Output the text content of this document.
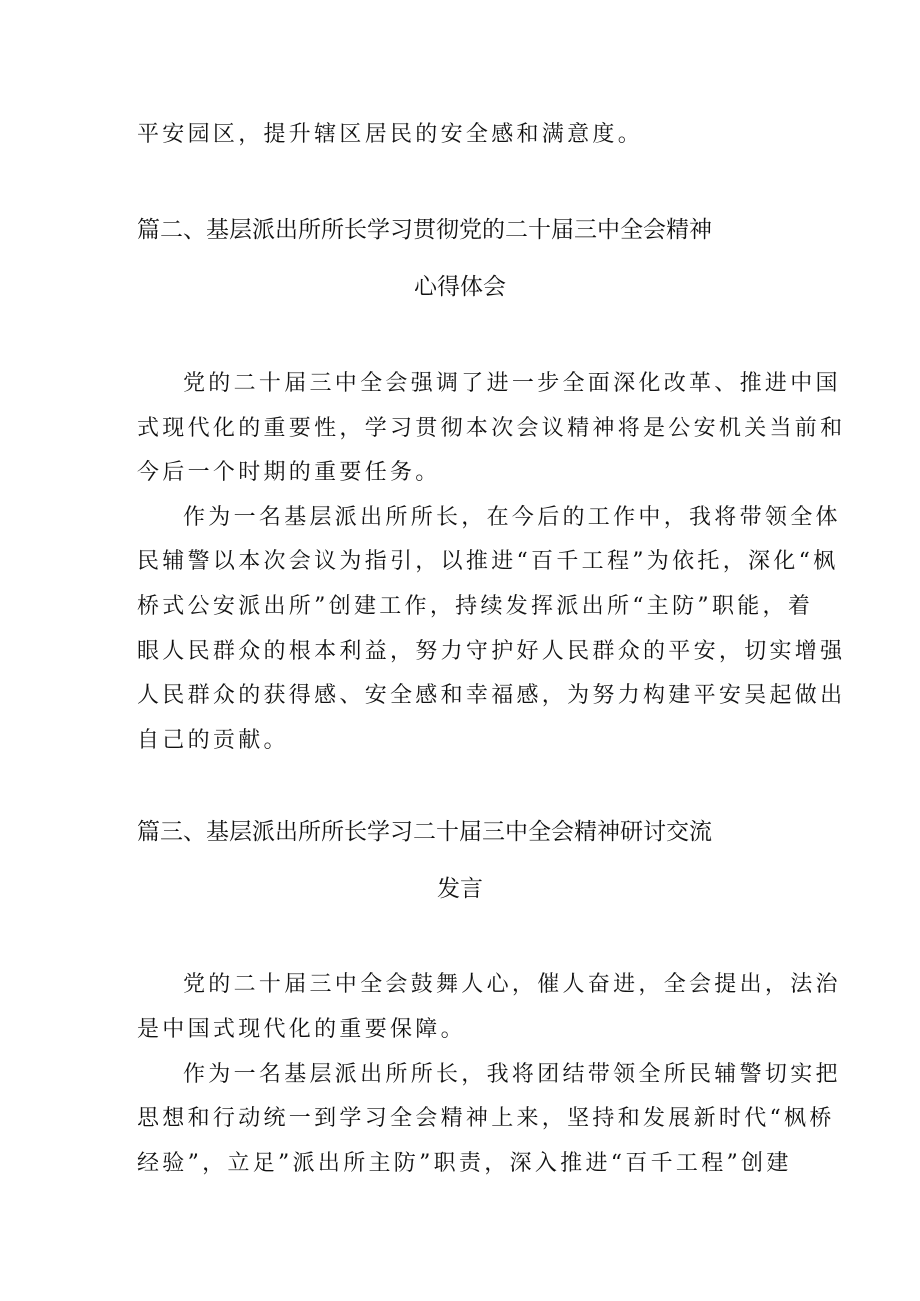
平安园区，提升辖区居民的安全感和满意度。

篇二、基层派出所所长学习贯彻党的二十届三中全会精神

心得体会

党的二十届三中全会强调了进一步全面深化改革、推进中国

式现代化的重要性，学习贯彻本次会议精神将是公安机关当前和

今后一个时期的重要任务。

作为一名基层派出所所长，在今后的工作中，我将带领全体

民辅警以本次会议为指引，以推进“百千工程”为依托，深化“枫

桥式公安派出所”创建工作，持续发挥派出所“主防”职能，着

眼人民群众的根本利益，努力守护好人民群众的平安，切实增强

人民群众的获得感、安全感和幸福感，为努力构建平安吴起做出

自己的贡献。

篇三、基层派出所所长学习二十届三中全会精神研讨交流

发言

党的二十届三中全会鼓舞人心，催人奋进，全会提出，法治

是中国式现代化的重要保障。

作为一名基层派出所所长，我将团结带领全所民辅警切实把

思想和行动统一到学习全会精神上来，坚持和发展新时代“枫桥

经验”，立足”派出所主防”职责，深入推进“百千工程”创建
